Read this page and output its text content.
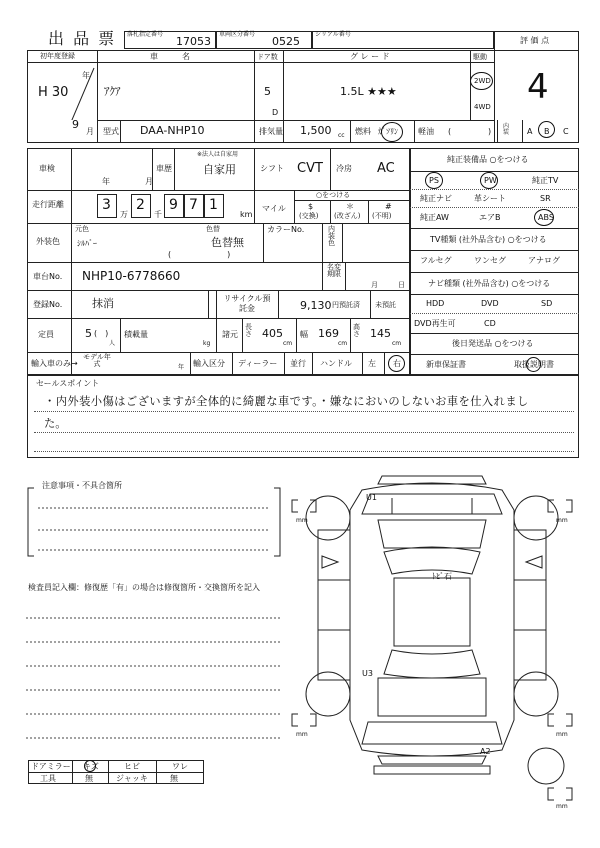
出 品 票 落札指定番号
17053
車両区分番号
0525
シリアル番号
評 価 点
4
初年度登録
H 30
年
9
月
車　　　名
ｱｸｱ
ドア数
5
D
グ レ ー ド
1.5L ★★★
駆動
2WD
4WD
型式 DAA-NHP10	排気量 1,500 cc 燃料 ｶﾞｿﾘﾝ	軽油 (	)
内装	A B C
車検
年	月
車歴
※法人は自家用
自家用	シフト CVT 冷房 AC
走行距離	3
万
2
千
9 7 1
km
マイル
○をつける
$
(交換)
＊
(改ざん)
#
(不明)
外装色
元色
ｼﾙﾊﾞｰ
色替
色替無
(　　　　　　　)
カラーNo.	内装色
車台No. NHP10-6778660
名変期限
月	日
登録No.	抹消	リサイクル預託金	9,130 円預託済 未預託
定員	5 (　)
人
積載量
kg
諸元
長さ 405
cm
幅 169
cm
高さ 145
cm
輸入車のみ→
モデル年式	年 輸入区分 ディーラー 並行 ハンドル 左 右
純正装備品 ○をつける
PS	PW	純正TV
純正ナビ	革シート	SR
純正AW	エアB	ABS
TV種類 (社外品含む) ○をつける
フルセグ	ワンセグ	アナログ
ナビ種類 (社外品含む) ○をつける
HDD	DVD	SD
DVD再生可	CD
後日発送品 ○をつける
新車保証書	取扱説明書
セールスポイント
・内外装小傷はございますが全体的に綺麗な車です。・嫌なにおいのしないお車を仕入れまし
た。
注意事項・不具合箇所
検査員記入欄：修復歴「有」の場合は修復箇所・交換箇所を記入
ドアミラー キズ	ヒビ	ワレ
工具	無	ジャッキ	無
U1
U3
A2
ﾄﾋﾞ石
mm	mm
mm	mm
mm
